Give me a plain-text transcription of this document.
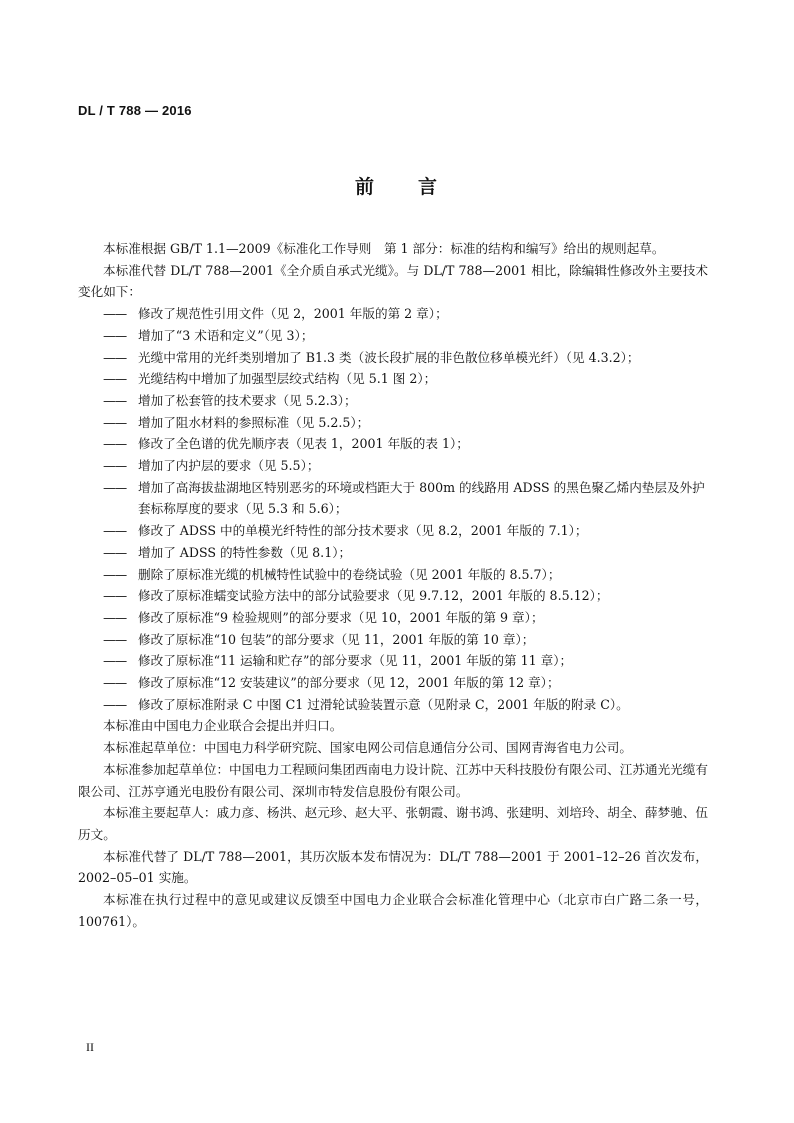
DL / T 788 — 2016
前　　言
本标准根据 GB/T 1.1—2009《标准化工作导则　第 1 部分：标准的结构和编写》给出的规则起草。
本标准代替 DL/T 788—2001《全介质自承式光缆》。与 DL/T 788—2001 相比，除编辑性修改外主要技术变化如下：
—— 修改了规范性引用文件（见 2，2001 年版的第 2 章）；
—— 增加了“3 术语和定义”（见 3）；
—— 光缆中常用的光纤类别增加了 B1.3 类（波长段扩展的非色散位移单模光纤）（见 4.3.2）；
—— 光缆结构中增加了加强型层绞式结构（见 5.1 图 2）；
—— 增加了松套管的技术要求（见 5.2.3）；
—— 增加了阻水材料的参照标准（见 5.2.5）；
—— 修改了全色谱的优先顺序表（见表 1，2001 年版的表 1）；
—— 增加了内护层的要求（见 5.5）；
—— 增加了高海拔盐湖地区特别恶劣的环境或档距大于 800m 的线路用 ADSS 的黑色聚乙烯内垫层及外护套标称厚度的要求（见 5.3 和 5.6）；
—— 修改了 ADSS 中的单模光纤特性的部分技术要求（见 8.2，2001 年版的 7.1）；
—— 增加了 ADSS 的特性参数（见 8.1）；
—— 删除了原标准光缆的机械特性试验中的卷绕试验（见 2001 年版的 8.5.7）；
—— 修改了原标准蠕变试验方法中的部分试验要求（见 9.7.12，2001 年版的 8.5.12）；
—— 修改了原标准“9 检验规则”的部分要求（见 10，2001 年版的第 9 章）；
—— 修改了原标准“10 包装”的部分要求（见 11，2001 年版的第 10 章）；
—— 修改了原标准“11 运输和贮存”的部分要求（见 11，2001 年版的第 11 章）；
—— 修改了原标准“12 安装建议”的部分要求（见 12，2001 年版的第 12 章）；
—— 修改了原标准附录 C 中图 C1 过滑轮试验装置示意（见附录 C，2001 年版的附录 C）。
本标准由中国电力企业联合会提出并归口。
本标准起草单位：中国电力科学研究院、国家电网公司信息通信分公司、国网青海省电力公司。
本标准参加起草单位：中国电力工程顾问集团西南电力设计院、江苏中天科技股份有限公司、江苏通光光缆有限公司、江苏亨通光电股份有限公司、深圳市特发信息股份有限公司。
本标准主要起草人：戚力彦、杨洪、赵元珍、赵大平、张朝霞、谢书鸿、张建明、刘培玲、胡全、薛梦驰、伍历文。
本标准代替了 DL/T 788—2001，其历次版本发布情况为：DL/T 788—2001 于 2001–12–26 首次发布，2002–05–01 实施。
本标准在执行过程中的意见或建议反馈至中国电力企业联合会标准化管理中心（北京市白广路二条一号，100761）。
II
